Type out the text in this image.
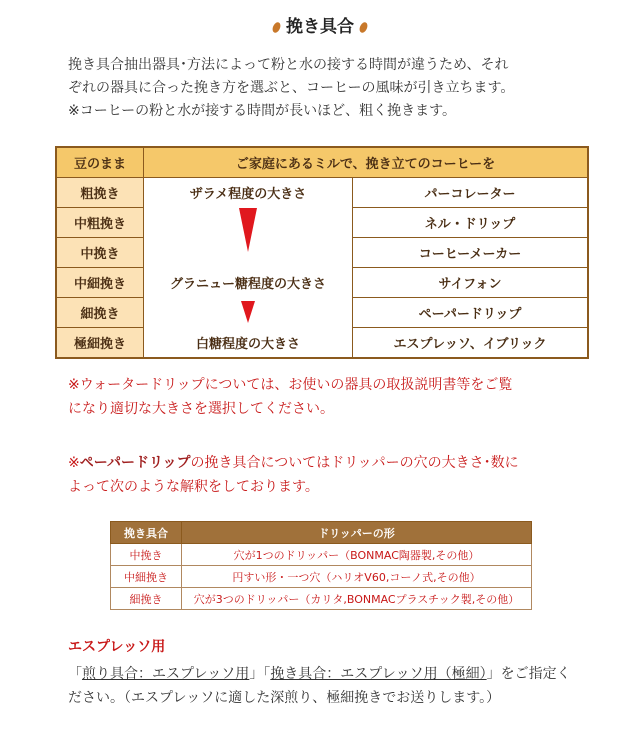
挽き具合
挽き具合抽出器具･方法によって粉と水の接する時間が違うため、それ
ぞれの器具に合った挽き方を選ぶと、コーヒーの風味が引き立ちます。
※コーヒーの粉と水が接する時間が長いほど、粗く挽きます。
豆のまま	ご家庭にあるミルで、挽き立てのコーヒーを	
粗挽き	ザラメ程度の大きさ	パーコレーター
中粗挽き		ネル・ドリップ
中挽き		コーヒーメーカー
中細挽き	グラニュー糖程度の大きさ	サイフォン
細挽き		ペーパードリップ
極細挽き	白糖程度の大きさ	エスプレッソ、イブリック
※ウォータードリップについては、お使いの器具の取扱説明書等をご覧
になり適切な大きさを選択してください。
※ペーパードリップの挽き具合についてはドリッパーの穴の大きさ･数に
よって次のような解釈をしております。
挽き具合	ドリッパーの形
中挽き	穴が1つのドリッパー（BONMAC陶器製,その他）
中細挽き	円すい形・一つ穴（ハリオV60,コーノ式,その他）
細挽き	穴が3つのドリッパー（カリタ,BONMACプラスチック製,その他）
エスプレッソ用
「煎り具合：エスプレッソ用」「挽き具合：エスプレッソ用（極細）」をご指定く
ださい。（エスプレッソに適した深煎り、極細挽きでお送りします。）
